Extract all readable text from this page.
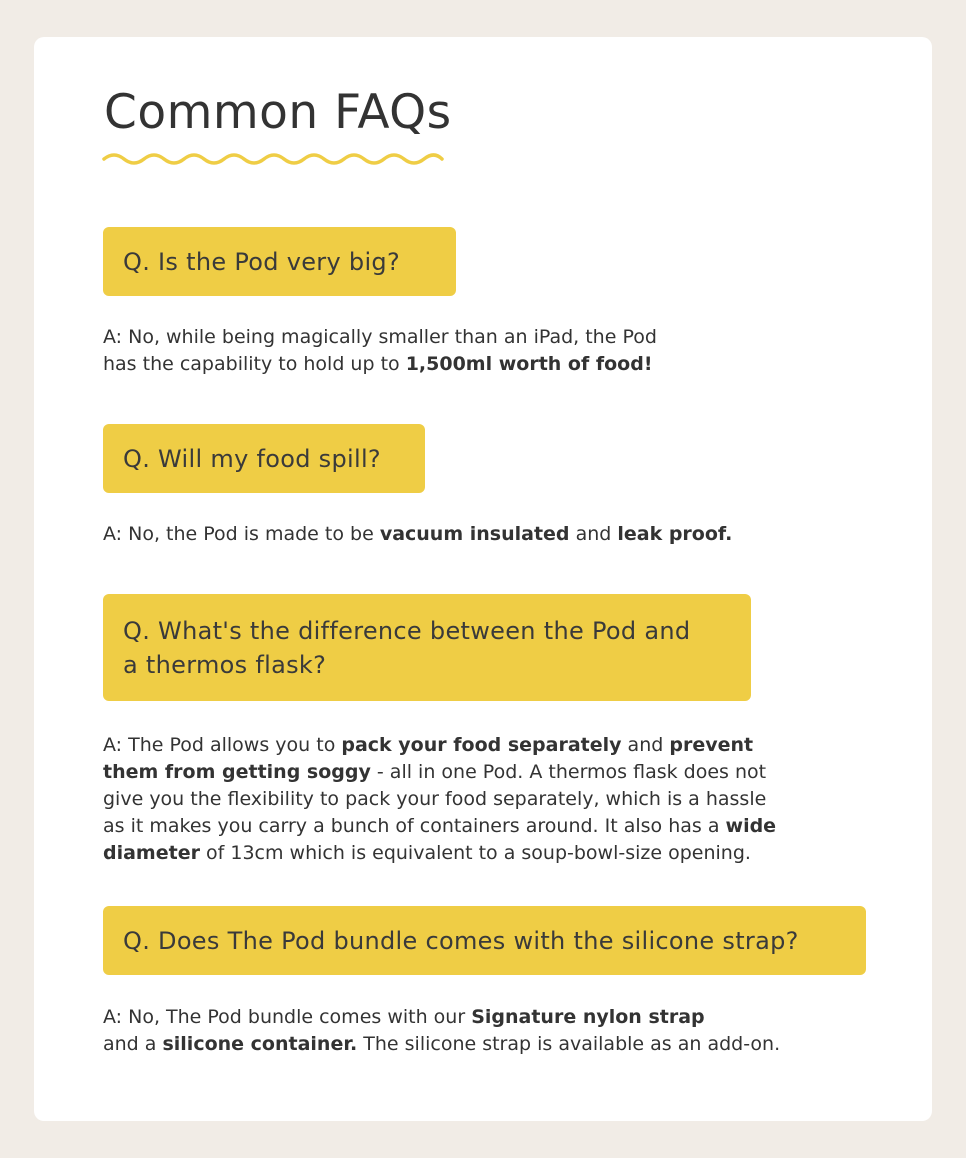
Common FAQs
Q. Is the Pod very big?

A: No, while being magically smaller than an iPad, the Pod
has the capability to hold up to 1,500ml worth of food!

Q. Will my food spill?

A: No, the Pod is made to be vacuum insulated and leak proof.

Q. What's the difference between the Pod and
a thermos flask?

A: The Pod allows you to pack your food separately and prevent
them from getting soggy - all in one Pod. A thermos flask does not
give you the flexibility to pack your food separately, which is a hassle
as it makes you carry a bunch of containers around. It also has a wide
diameter of 13cm which is equivalent to a soup-bowl-size opening.

Q. Does The Pod bundle comes with the silicone strap?

A: No, The Pod bundle comes with our Signature nylon strap
and a silicone container. The silicone strap is available as an add-on.
